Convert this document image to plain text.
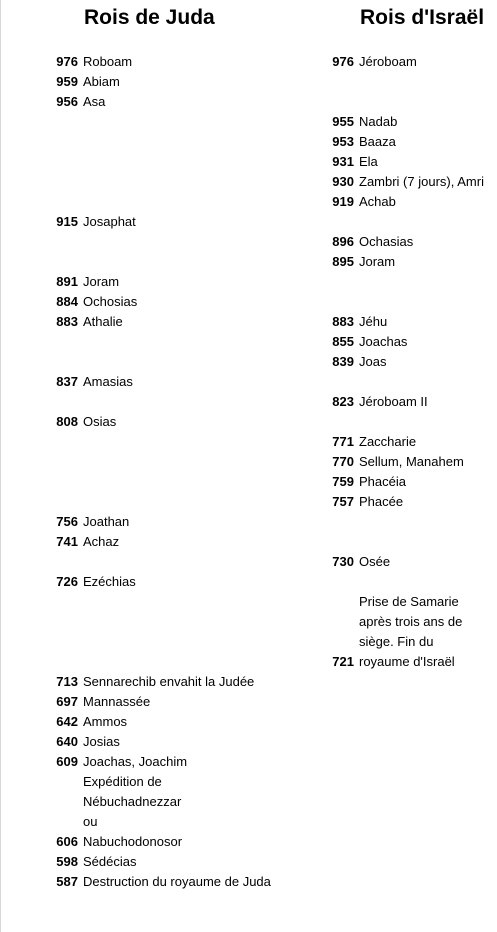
Rois de Juda	Rois d'Israël
976 Roboam
959 Abiam
956 Asa
915 Josaphat
891 Joram
884 Ochosias
883 Athalie
837 Amasias
808 Osias
756 Joathan
741 Achaz
726 Ezéchias
713 Sennarechib envahit la Judée
697 Mannassée
642 Ammos
640 Josias
609 Joachas, Joachim
Expédition de
Nébuchadnezzar
ou
606 Nabuchodonosor
598 Sédécias
587 Destruction du royaume de Juda
976 Jéroboam
955 Nadab
953 Baaza
931 Ela
930 Zambri (7 jours), Amri
919 Achab
896 Ochasias
895 Joram
883 Jéhu
855 Joachas
839 Joas
823 Jéroboam II
771 Zaccharie
770 Sellum, Manahem
759 Phacéia
757 Phacée
730 Osée
Prise de Samarie
après trois ans de
siège. Fin du
721 royaume d'Israël
